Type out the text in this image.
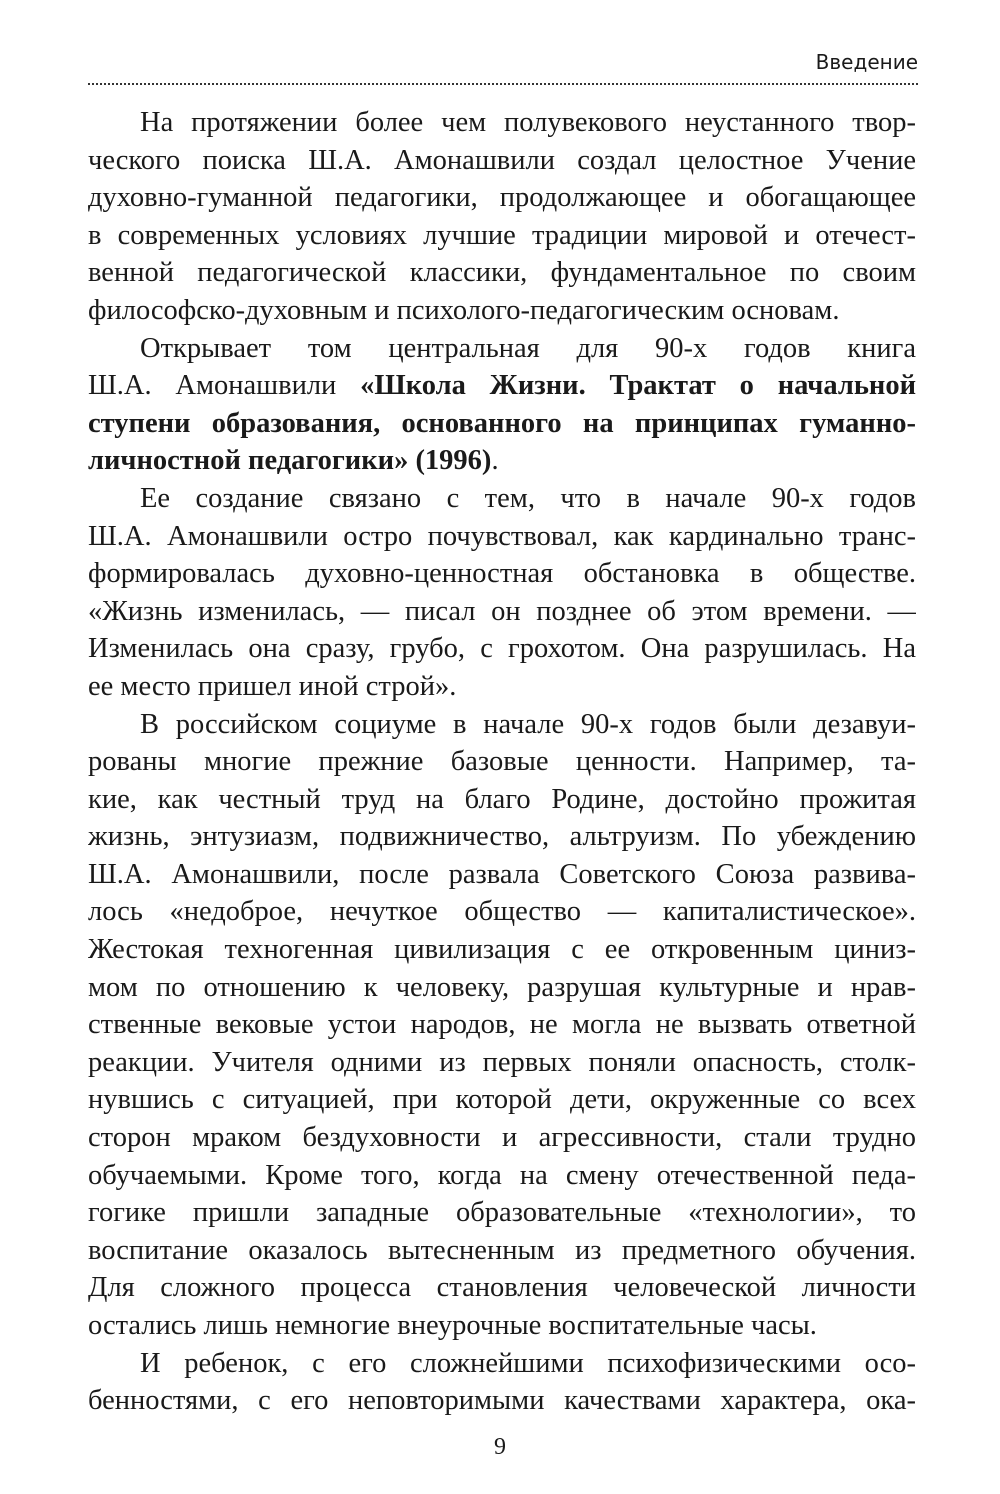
Введение
На протяжении более чем полувекового неустанного твор-
ческого поиска Ш.А. Амонашвили создал целостное Учение
духовно-гуманной педагогики, продолжающее и обогащающее
в современных условиях лучшие традиции мировой и отечест-
венной педагогической классики, фундаментальное по своим
философско-духовным и психолого-педагогическим основам.
Открывает том центральная для 90-х годов книга
Ш.А. Амонашвили «Школа Жизни. Трактат о начальной
ступени образования, основанного на принципах гуманно-
личностной педагогики» (1996).
Ее создание связано с тем, что в начале 90-х годов
Ш.А. Амонашвили остро почувствовал, как кардинально транс-
формировалась духовно-ценностная обстановка в обществе.
«Жизнь изменилась, — писал он позднее об этом времени. —
Изменилась она сразу, грубо, с грохотом. Она разрушилась. На
ее место пришел иной строй».
В российском социуме в начале 90-х годов были дезавуи-
рованы многие прежние базовые ценности. Например, та-
кие, как честный труд на благо Родине, достойно прожитая
жизнь, энтузиазм, подвижничество, альтруизм. По убеждению
Ш.А. Амонашвили, после развала Советского Союза развива-
лось «недоброе, нечуткое общество — капиталистическое».
Жестокая техногенная цивилизация с ее откровенным циниз-
мом по отношению к человеку, разрушая культурные и нрав-
ственные вековые устои народов, не могла не вызвать ответной
реакции. Учителя одними из первых поняли опасность, столк-
нувшись с ситуацией, при которой дети, окруженные со всех
сторон мраком бездуховности и агрессивности, стали трудно
обучаемыми. Кроме того, когда на смену отечественной педа-
гогике пришли западные образовательные «технологии», то
воспитание оказалось вытесненным из предметного обучения.
Для сложного процесса становления человеческой личности
остались лишь немногие внеурочные воспитательные часы.
И ребенок, с его сложнейшими психофизическими осо-
бенностями, с его неповторимыми качествами характера, ока-
9
